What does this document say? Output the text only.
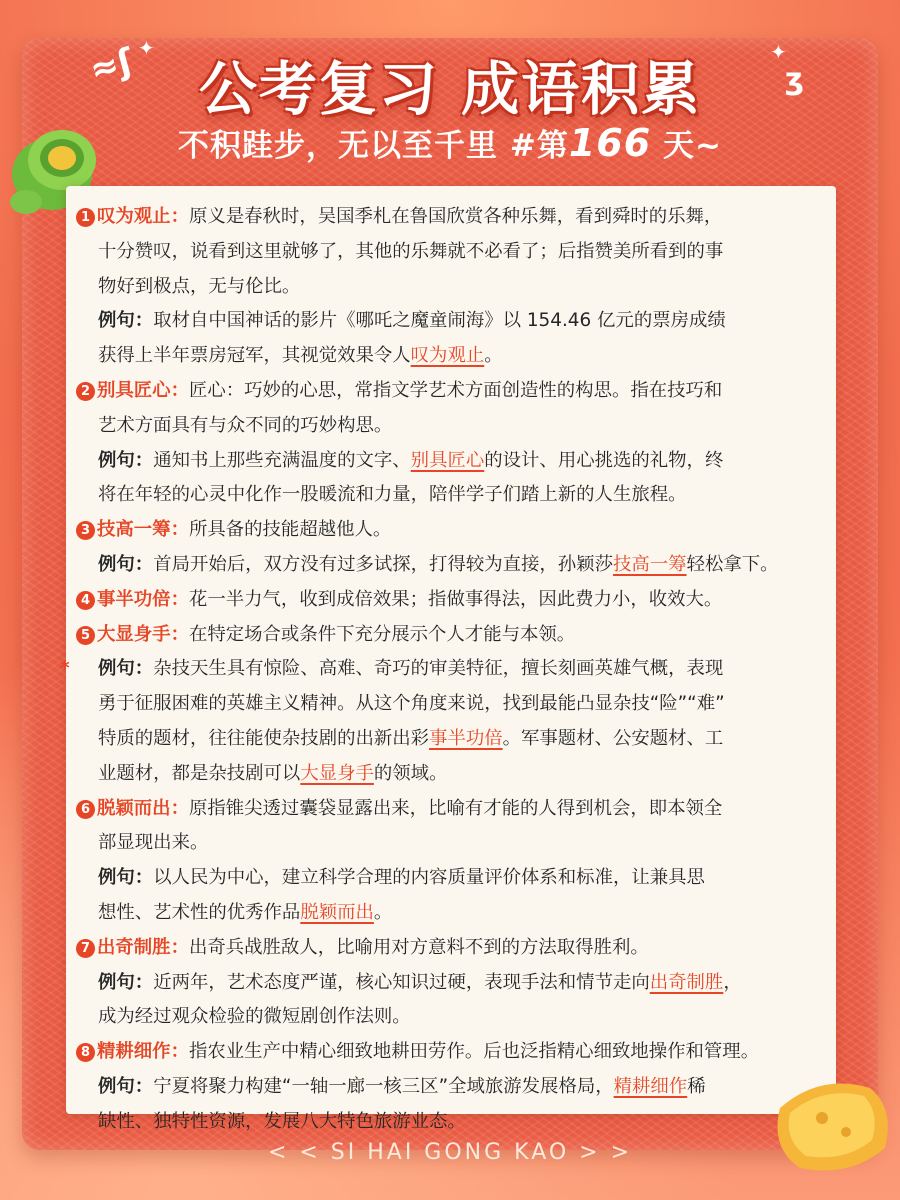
≈ʃ	ʒ
✦	✦
公考复习 成语积累
不积跬步，无以至千里 #第166 天~
1 叹为观止：原义是春秋时，吴国季札在鲁国欣赏各种乐舞，看到舜时的乐舞，
十分赞叹，说看到这里就够了，其他的乐舞就不必看了；后指赞美所看到的事
物好到极点，无与伦比。
例句：取材自中国神话的影片《哪吒之魔童闹海》以 154.46 亿元的票房成绩
获得上半年票房冠军，其视觉效果令人叹为观止。
2 别具匠心：匠心：巧妙的心思，常指文学艺术方面创造性的构思。指在技巧和
艺术方面具有与众不同的巧妙构思。
例句：通知书上那些充满温度的文字、别具匠心的设计、用心挑选的礼物，终
将在年轻的心灵中化作一股暖流和力量，陪伴学子们踏上新的人生旅程。
3 技高一筹：所具备的技能超越他人。
例句：首局开始后，双方没有过多试探，打得较为直接，孙颖莎技高一筹轻松拿下。
4 事半功倍：花一半力气，收到成倍效果；指做事得法，因此费力小，收效大。
5 大显身手：在特定场合或条件下充分展示个人才能与本领。
* 例句：杂技天生具有惊险、高难、奇巧的审美特征，擅长刻画英雄气概，表现
勇于征服困难的英雄主义精神。从这个角度来说，找到最能凸显杂技“险”“难”
特质的题材，往往能使杂技剧的出新出彩事半功倍。军事题材、公安题材、工
业题材，都是杂技剧可以大显身手的领域。
6 脱颖而出：原指锥尖透过囊袋显露出来，比喻有才能的人得到机会，即本领全
部显现出来。
例句：以人民为中心，建立科学合理的内容质量评价体系和标准，让兼具思
想性、艺术性的优秀作品脱颖而出。
7 出奇制胜：出奇兵战胜敌人，比喻用对方意料不到的方法取得胜利。
例句：近两年，艺术态度严谨，核心知识过硬，表现手法和情节走向出奇制胜，
成为经过观众检验的微短剧创作法则。
8 精耕细作：指农业生产中精心细致地耕田劳作。后也泛指精心细致地操作和管理。
例句：宁夏将聚力构建“一轴一廊一核三区”全域旅游发展格局，精耕细作稀
缺性、独特性资源，发展八大特色旅游业态。
< < SI HAI GONG KAO > >
